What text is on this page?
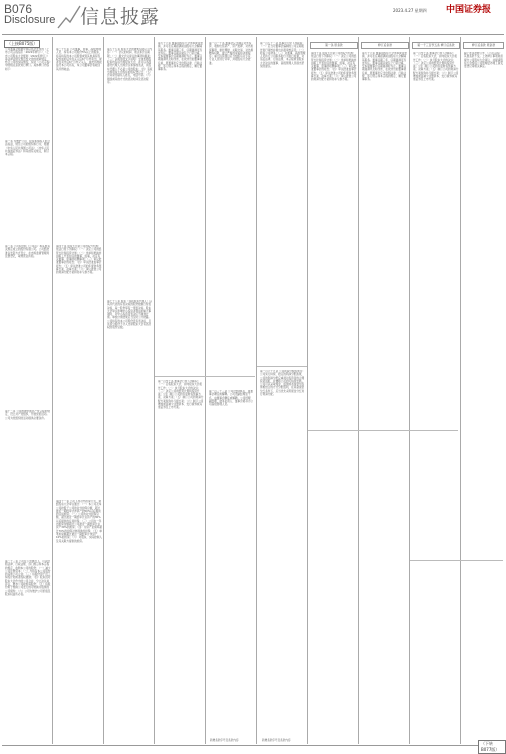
B076
Disclosure 信息披露	2023.4.27 星期四 中国证券报
（上接B075版）	第一条 原条款	修订后条款	第一千三百零五条 修订后条款	修订后条款 原条款
公司董事会根据中国证监会发布的《上市公司章程指引（2022年修订）》、《上市公司股东大会规则（2022年修订）》等法律法规及规范性文件的最新规定，结合公司的实际情况，拟对《公司章程》中的相关条款进行修订。具体修订内容如下：
第一条 为维护公司、股东和债权人的合法权益，规范公司的组织和行为，根据《中华人民共和国公司法》、《中华人民共和国证券法》和其他有关规定，制订本章程。
第二条 公司系依照《公司法》和其他有关规定成立的股份有限公司。公司经批准以发起方式设立，在市场监督管理局注册登记，取得营业执照。
第十二条 公司根据中国共产党章程的规定，设立共产党组织、开展党的活动。公司为党组织的活动提供必要条件。
第二十三条 公司在下列情况下，可以依照法律、行政法规、部门规章和本章程的规定，收购本公司的股份：（一）减少公司注册资本；（二）与持有本公司股份的其他公司合并；（三）将股份用于员工持股计划或者股权激励；（四）股东因对股东大会作出的公司合并、分立决议持异议，要求公司收购其股份；（五）将股份用于转换公司发行的可转换为股票的公司债券；（六）公司为维护公司价值及股东权益所必需。
第二十九条 公司董事、监事、高级管理人员、持有本公司股份5%以上的股东，将其持有的本公司股票或者其他具有股权性质的证券在买入后6个月内卖出，或者在卖出后6个月内又买入，由此所得收益归本公司所有，本公司董事会将收回其所得收益。
第四十条 股东大会是公司的权力机构，依法行使下列职权：（一）决定公司的经营方针和投资计划；（二）选举和更换非由职工代表担任的董事、监事，决定有关董事、监事的报酬事项；（三）审议批准董事会的报告；（四）审议批准监事会报告；（五）审议批准公司的年度财务预算方案、决算方案；（六）审议批准公司的利润分配方案和弥补亏损方案。
第四十一条 公司下列对外担保行为，须经股东大会审议通过：（一）本公司及本公司控股子公司的对外担保总额，超过最近一期经审计净资产的50%以后提供的任何担保；（二）公司的对外担保总额，超过最近一期经审计总资产的30%以后提供的任何担保；（三）公司在一年内担保金额超过公司最近一期经审计总资产30%的担保；（四）为资产负债率超过70%的担保对象提供的担保；（五）单笔担保额超过最近一期经审计净资产10%的担保；（六）对股东、实际控制人及其关联方提供的担保。
第五十五条 股东大会的通知包括以下内容：（一）会议的时间、地点和会议期限；（二）提交会议审议的事项和提案；（三）以明显的文字说明：全体普通股股东均有权出席股东大会，并可以书面委托代理人出席会议和参加表决，该股东代理人不必是公司的股东；（四）有权出席股东大会股东的股权登记日；（五）会务常设联系人姓名，电话号码；（六）网络或其他方式的表决时间及表决程序。
第七十八条 股东（包括股东代理人）以其所代表的有表决权的股份数额行使表决权，每一股份享有一票表决权。股东大会审议影响中小投资者利益的重大事项时，对中小投资者表决应当单独计票。单独计票结果应当及时公开披露。公司持有的本公司股份没有表决权，且该部分股份不计入出席股东大会有表决权的股份总数。
第九十六条 董事由股东大会选举或者更换，并可在任期届满前由股东大会解除其职务。董事任期三年，任期届满可连选连任。董事任期从就任之日起计算，至本届董事会任期届满时为止。董事任期届满未及时改选，在改选出的董事就任前，原董事仍应当依照法律、行政法规、部门规章和本章程的规定，履行董事职务。
第一百零七条 董事会行使下列职权：（一）召集股东大会，并向股东大会报告工作；（二）执行股东大会的决议；（三）决定公司的经营计划和投资方案；（四）制订公司的年度财务预算方案、决算方案；（五）制订公司的利润分配方案和弥补亏损方案；（六）制订公司增加或者减少注册资本、发行债券或其他证券及上市方案。
第一百一十条 董事会应当确定对外投资、收购出售资产、资产抵押、对外担保事项、委托理财、关联交易、对外捐赠等权限，建立严格的审查和决策程序；重大投资项目应当组织有关专家、专业人员进行评审，并报股东大会批准。
第一百三十三条 公司设经理1名，由董事会聘任或解聘。公司设副经理若干名，由董事会聘任或解聘。公司经理、副经理、财务负责人、董事会秘书为公司高级管理人员。
第一百五十二条 监事会行使下列职权：（一）应当对董事会编制的公司定期报告进行审核并提出书面审核意见；（二）检查公司财务；（三）对董事、高级管理人员执行公司职务的行为进行监督，对违反法律、行政法规、本章程或者股东大会决议的董事、高级管理人员提出罢免的建议。
第一百六十九条 公司利润分配政策为：公司实行持续、稳定的利润分配政策，公司的利润分配应重视对投资者的合理投资回报，并兼顾公司的可持续发展。公司可以采取现金、股票或者现金与股票相结合的方式分配股利，在具备现金分红条件下，应当优先采用现金分红进行利润分配。
第四十条 股东大会是公司的权力机构，依法行使下列职权：（一）决定公司的经营方针和投资计划；（二）选举和更换非由职工代表担任的董事、监事，决定有关董事、监事的报酬事项；（三）审议批准董事会的报告；（四）审议批准监事会报告；（五）审议批准公司的年度财务预算方案、决算方案；（六）审议批准公司的利润分配方案和弥补亏损方案。
第九十六条 董事由股东大会选举或者更换，并可在任期届满前由股东大会解除其职务。董事任期三年，任期届满可连选连任。董事任期从就任之日起计算，至本届董事会任期届满时为止。董事任期届满未及时改选，在改选出的董事就任前，原董事仍应当依照法律、行政法规、部门规章和本章程的规定，履行董事职务。
第一百零七条 董事会行使下列职权：（一）召集股东大会，并向股东大会报告工作；（二）执行股东大会的决议；（三）决定公司的经营计划和投资方案；（四）制订公司的年度财务预算方案、决算方案；（五）制订公司的利润分配方案和弥补亏损方案；（六）制订公司增加或者减少注册资本、发行债券或其他证券及上市方案。
除上述条款修订外，《公司章程》其他条款不变。上述修订事项尚需提交公司股东大会审议，并提请股东大会授权公司管理层办理工商变更登记等相关事宜。
新增条款序号及条款内容	新增条款序号及条款内容
（下转B077版）
